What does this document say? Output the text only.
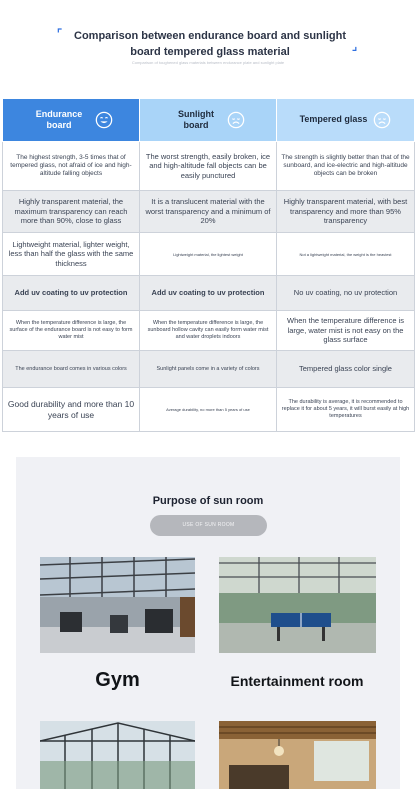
⌜	Comparison between endurance board and sunlight board tempered glass material	⌟
Comparison of toughened glass materials between endurance plate and sunlight plate
Endurance board	Sunlight board	Tempered glass

The highest strength, 3-5 times that of tempered glass, not afraid of ice and high-altitude falling objects	The worst strength, easily broken, ice and high-altitude fall objects can be easily punctured	The strength is slightly better than that of the sunboard, and ice-electric and high-altitude objects can be broken
Highly transparent material, the maximum transparency can reach more than 90%, close to glass	It is a translucent material with the worst transparency and a minimum of 20%	Highly transparent material, with best transparency and more than 95% transparency
Lightweight material, lighter weight, less than half the glass with the same thickness	Lightweight material, the lightest weight	Not a lightweight material, the weight is the heaviest
Add uv coating to uv protection	Add uv coating to uv protection	No uv coating, no uv protection
When the temperature difference is large, the surface of the endurance board is not easy to form water mist	When the temperature difference is large, the sunboard hollow cavity can easily form water mist and water droplets indoors	When the temperature difference is large, water mist is not easy on the glass surface
The endurance board comes in various colors	Sunlight panels come in a variety of colors	Tempered glass color single
Good durability and more than 10 years of use	Average durability, no more than 5 years of use	The durability is average, it is recommended to replace it for about 5 years, it will burst easily at high temperatures
Purpose of sun room
USE OF SUN ROOM
Gym	Entertainment room
